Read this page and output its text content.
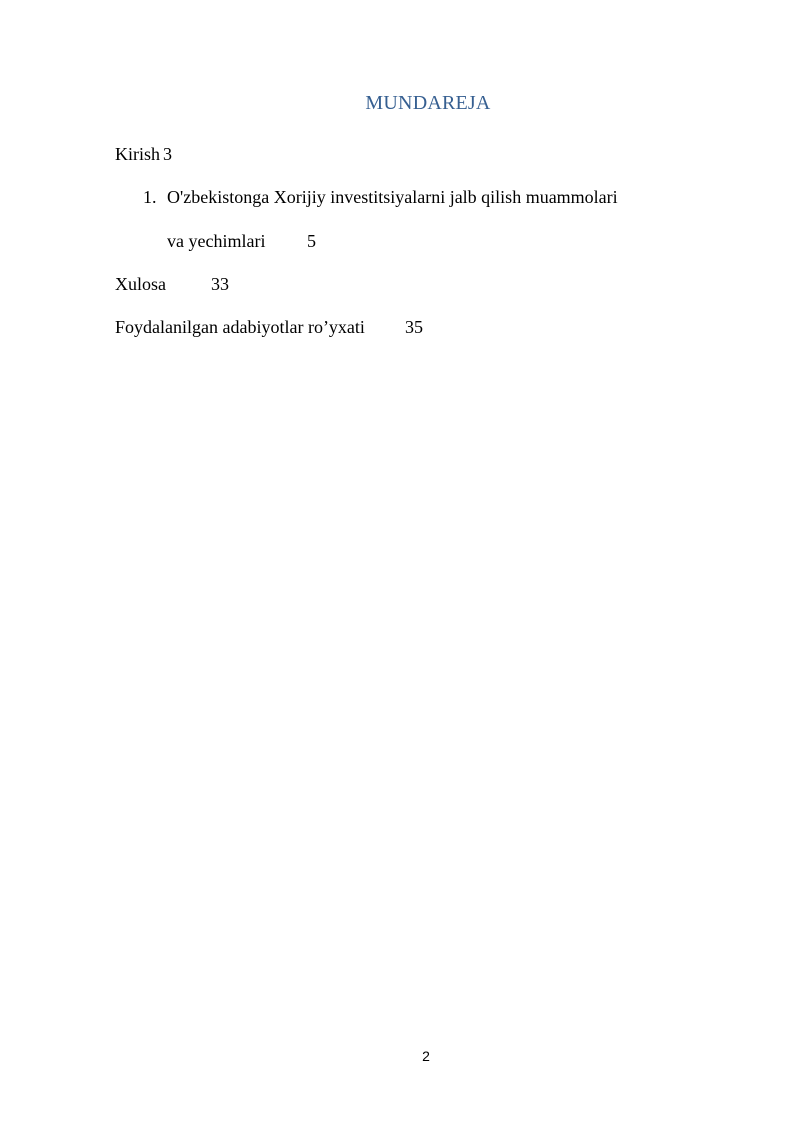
MUNDAREJA
Kirish 3
1. O'zbekistonga Xorijiy investitsiyalarni jalb qilish muammolari
va yechimlari 5
Xulosa	33
Foydalanilgan adabiyotlar ro’yxati 35
2
